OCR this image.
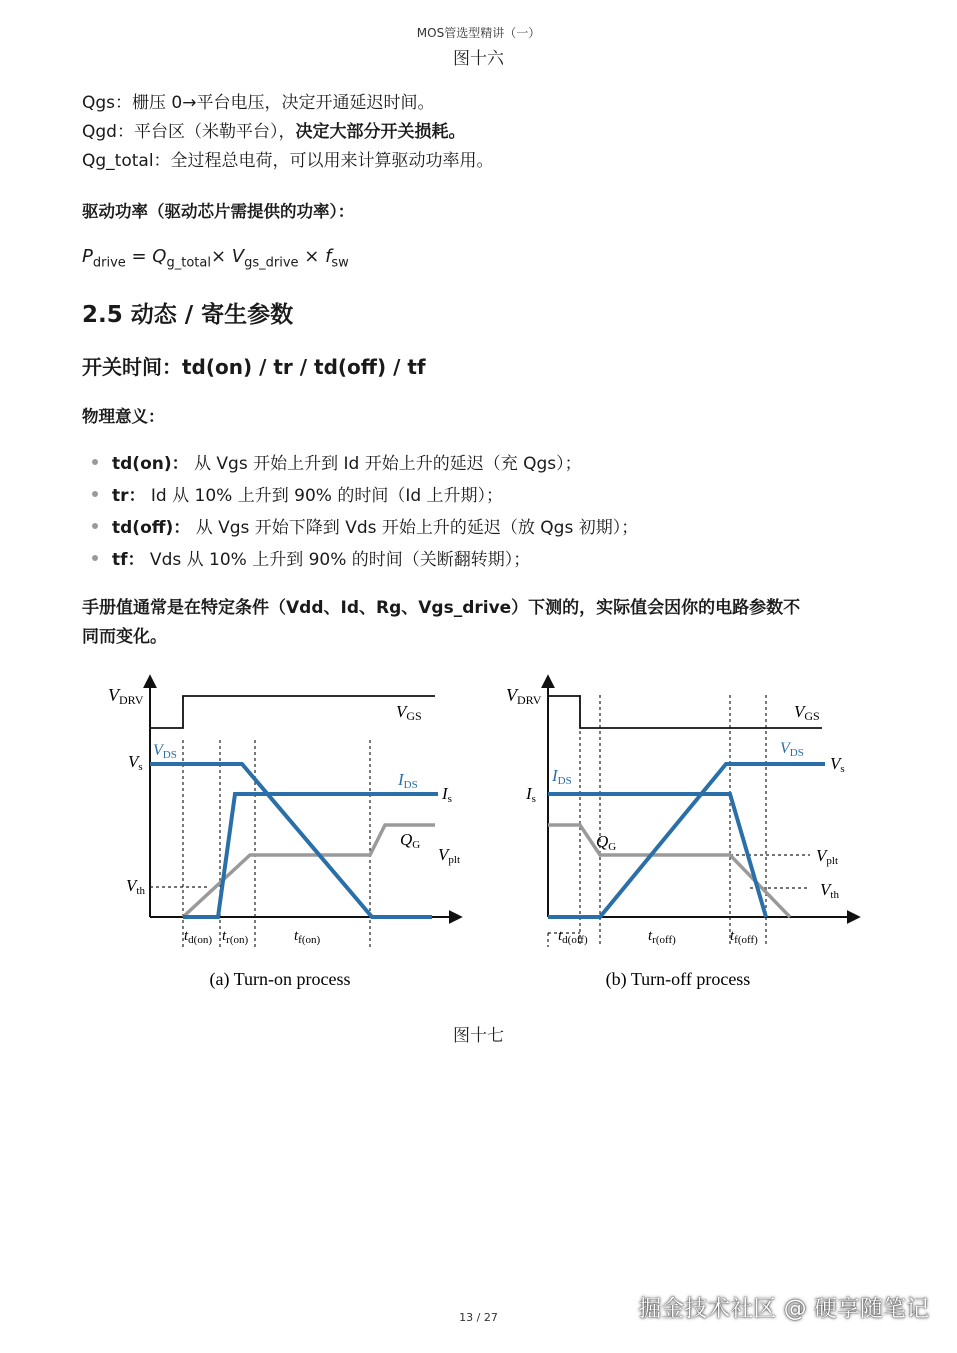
MOS管选型精讲（一）
图十六
Qgs：栅压 0→平台电压，决定开通延迟时间。
Qgd：平台区（米勒平台），决定大部分开关损耗。
Qg_total：全过程总电荷，可以用来计算驱动功率用。
驱动功率（驱动芯片需提供的功率）：
$P_{drive} = Q_{g\_total}\times V_{gs\_drive} \times f_{sw}$
2.5 动态 / 寄生参数
开关时间：td(on) / tr / td(off) / tf
物理意义：
td(on)： 从 Vgs 开始上升到 Id 开始上升的延迟（充 Qgs）；
tr： Id 从 10% 上升到 90% 的时间（Id 上升期）；
td(off)： 从 Vgs 开始下降到 Vds 开始上升的延迟（放 Qgs 初期）；
tf： Vds 从 10% 上升到 90% 的时间（关断翻转期）；
手册值通常是在特定条件（Vdd、Id、Rg、Vgs_drive）下测的，实际值会因你的电路参数不
同而变化。
VDRV
VGS
VDS
Vs
IDS Is
QG Vplt
Vth
$t_{d(on)}$ $t_{r(on)}$	$t_{f(on)}$
(a) Turn-on process
VDRV
VGS
VDS
Vs
IDS
Is
QG	Vplt
Vth
$t_{d(off)}$	$t_{r(off)}$	$t_{f(off)}$
(b) Turn-off process
图十七
13 / 27	掘金技术社区 @ 硬享随笔记
